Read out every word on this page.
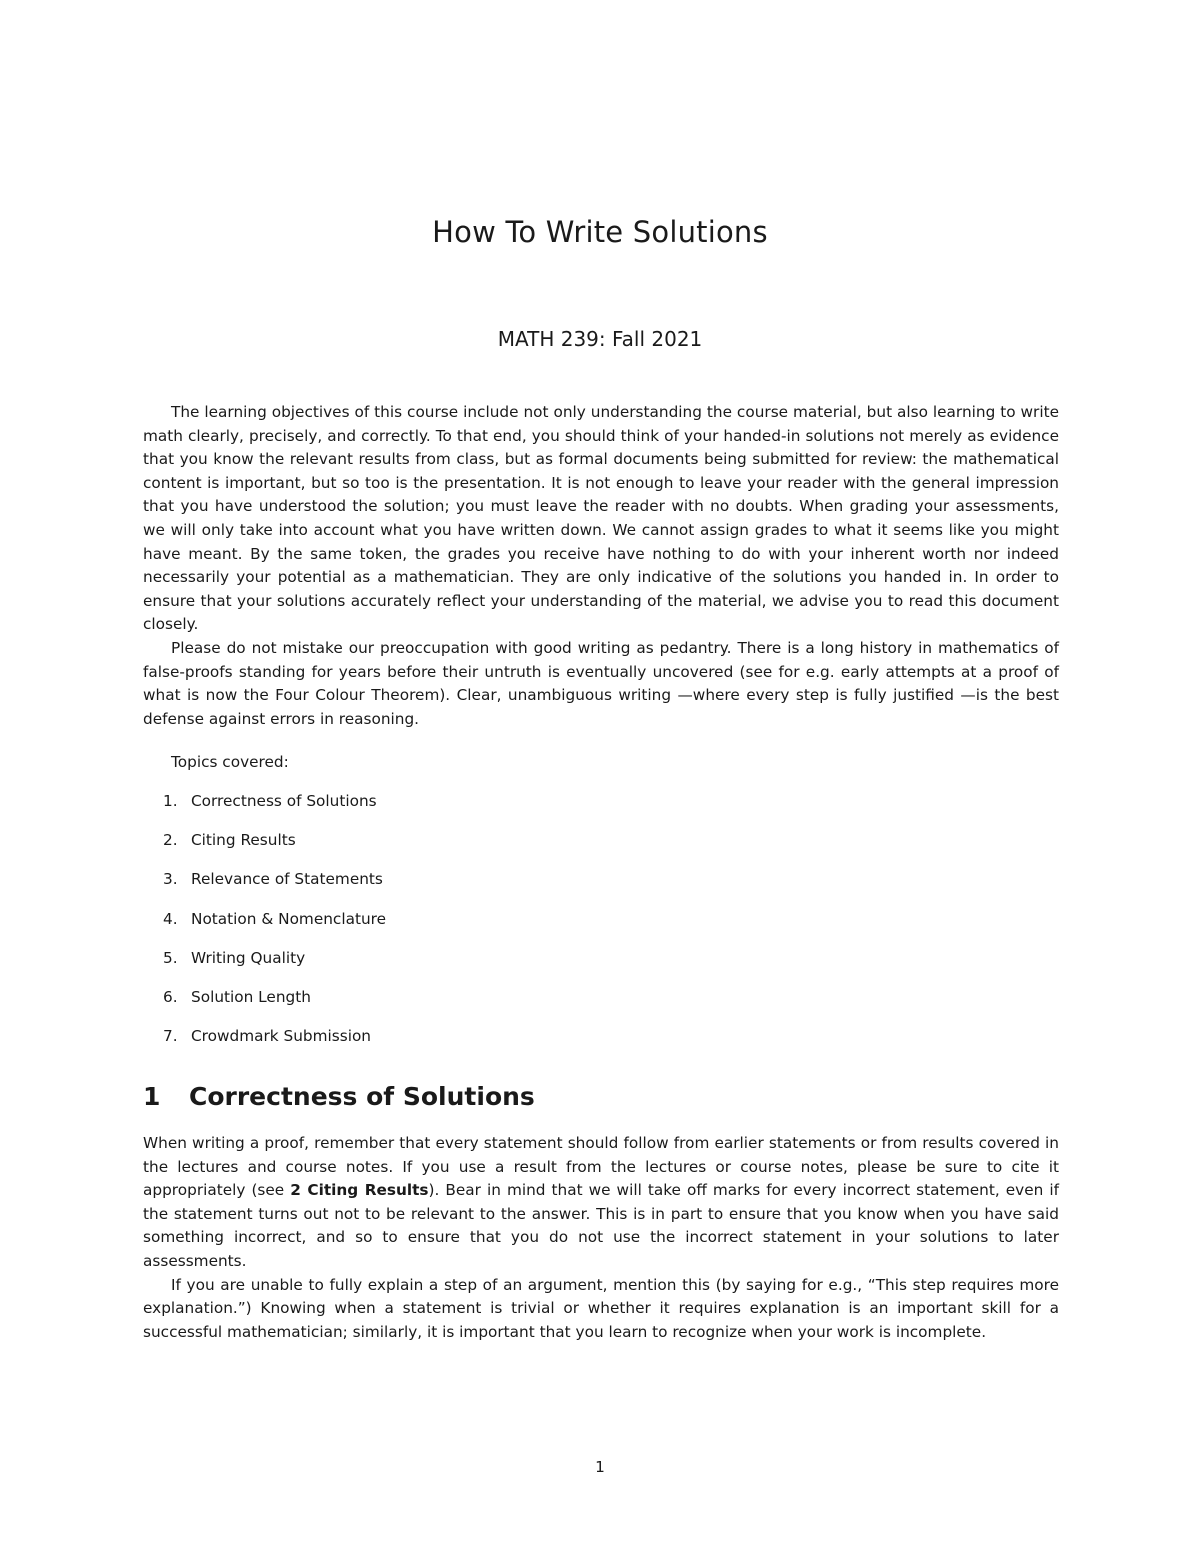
How To Write Solutions
MATH 239: Fall 2021

The learning objectives of this course include not only understanding the course material, but also learning to write math clearly, precisely, and correctly. To that end, you should think of your handed-in solutions not merely as evidence that you know the relevant results from class, but as formal documents being submitted for review: the mathematical content is important, but so too is the presentation. It is not enough to leave your reader with the general impression that you have understood the solution; you must leave the reader with no doubts. When grading your assessments, we will only take into account what you have written down. We cannot assign grades to what it seems like you might have meant. By the same token, the grades you receive have nothing to do with your inherent worth nor indeed necessarily your potential as a mathematician. They are only indicative of the solutions you handed in. In order to ensure that your solutions accurately reflect your understanding of the material, we advise you to read this document closely.

Please do not mistake our preoccupation with good writing as pedantry. There is a long history in mathematics of false-proofs standing for years before their untruth is eventually uncovered (see for e.g. early attempts at a proof of what is now the Four Colour Theorem). Clear, unambiguous writing —where every step is fully justified —is the best defense against errors in reasoning.

Topics covered:
1. Correctness of Solutions
2. Citing Results
3. Relevance of Statements
4. Notation & Nomenclature
5. Writing Quality
6. Solution Length
7. Crowdmark Submission
1	Correctness of Solutions

When writing a proof, remember that every statement should follow from earlier statements or from results covered in the lectures and course notes. If you use a result from the lectures or course notes, please be sure to cite it appropriately (see 2 Citing Results). Bear in mind that we will take off marks for every incorrect statement, even if the statement turns out not to be relevant to the answer. This is in part to ensure that you know when you have said something incorrect, and so to ensure that you do not use the incorrect statement in your solutions to later assessments.

If you are unable to fully explain a step of an argument, mention this (by saying for e.g., “This step requires more explanation.”) Knowing when a statement is trivial or whether it requires explanation is an important skill for a successful mathematician; similarly, it is important that you learn to recognize when your work is incomplete.

1
